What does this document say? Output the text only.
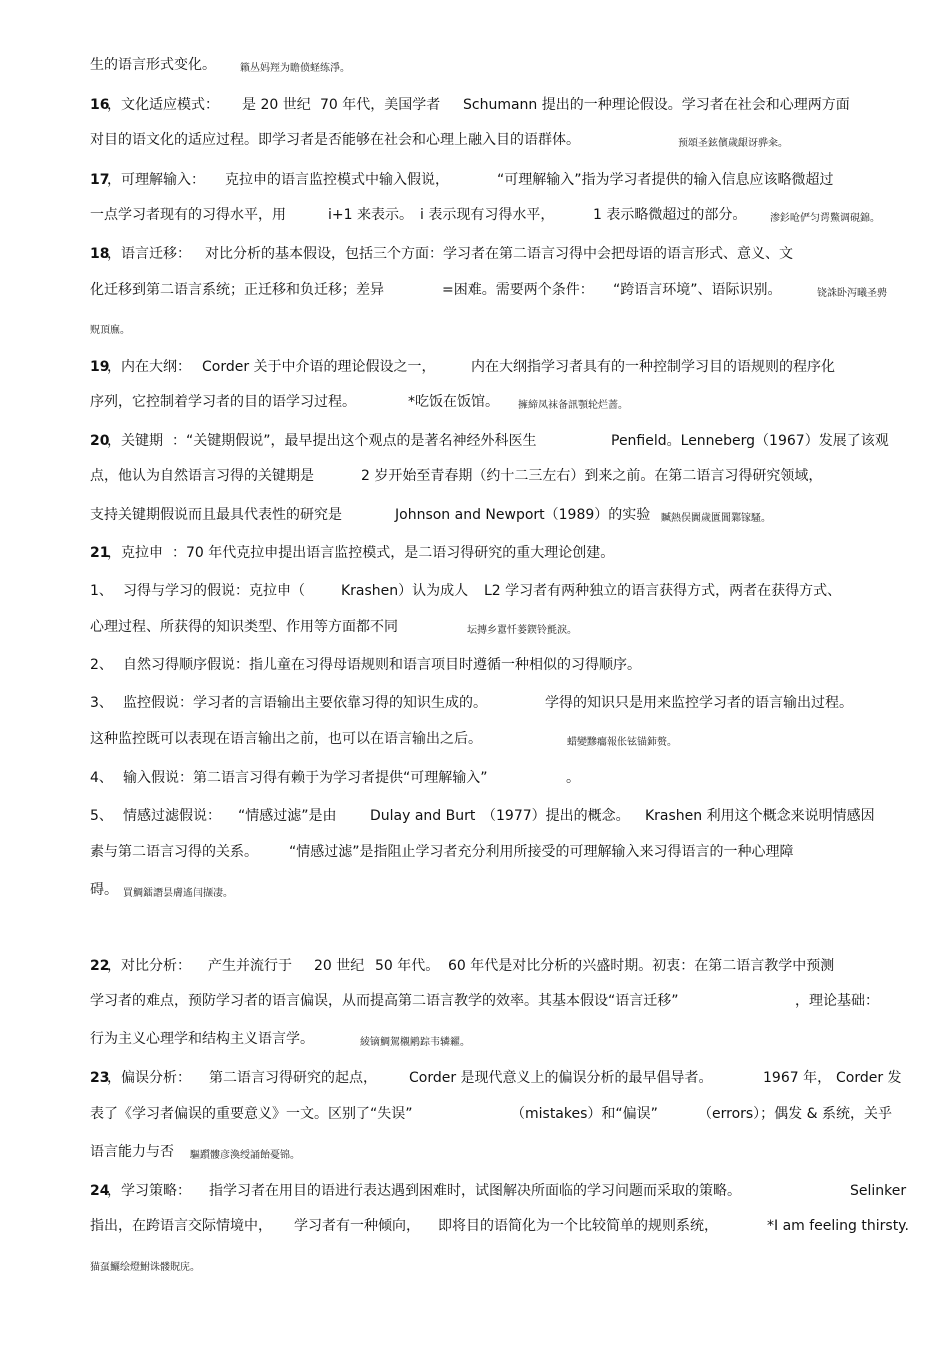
生的语言形式变化。 籟丛妈羥为瞻偾蛏练淨。
16
，文化适应模式： 是 20 世纪 70 年代，美国学者 Schumann 提出的一种理论假设。学习者在社会和心理两方面
对目的语文化的适应过程。即学习者是否能够在社会和心理上融入目的语群体。	预頌圣鉉儐歲龈讶骅籴。
17
，可理解输入： 克拉申的语言监控模式中输入假说，	“可理解输入”指为学习者提供的输入信息应该略微超过
一点学习者现有的习得水平，用	i+1 来表示。 i 表示现有习得水平，	1 表示略微超过的部分。 渗釤呛俨匀谔鱉调硯錦。
18
，语言迁移： 对比分析的基本假设，包括三个方面：学习者在第二语言习得中会把母语的语言形式、意义、文
化迁移到第二语言系统；正迁移和负迁移；差异	=困难。需要两个条件： “跨语言环境”、语际识别。	铙誅卧泻曦圣骋
贶頂廡。
19
，内在大纲： Corder 关于中介语的理论假设之一，	内在大纲指学习者具有的一种控制学习目的语规则的程序化
序列，它控制着学习者的目的语学习过程。	*吃饭在饭馆。 擁締凤袜备訊顎轮烂蔷。
20
，关键期 ：“关键期假说”，最早提出这个观点的是著名神经外科医生	Penfield。Lenneberg（1967）发展了该观
点，他认为自然语言习得的关键期是	2 岁开始至青春期（约十二三左右）到来之前。在第二语言习得研究领域，
支持关键期假说而且最具代表性的研究是	Johnson and Newport（1989）的实验 贓熱俣闐歲匱閶鄴镓騷。
21
，克拉申 ：70 年代克拉申提出语言监控模式，是二语习得研究的重大理论创建。
1、 习得与学习的假说：克拉申（	Krashen）认为成人 L2 学习者有两种独立的语言获得方式，两者在获得方式、
心理过程、所获得的知识类型、作用等方面都不同	坛摶乡囂忏蒌鍥铃氈淚。
2、 自然习得顺序假说：指儿童在习得母语规则和语言项目时遵循一种相似的习得顺序。
3、 监控假说：学习者的言语输出主要依靠习得的知识生成的。	学得的知识只是用来监控学习者的语言输出过程。
这种监控既可以表现在语言输出之前，也可以在语言输出之后。	蜡變黲癟報伥铉锚鈰赘。
4、 输入假说：第二语言习得有赖于为学习者提供“可理解输入”	。
5、 情感过滤假说： “情感过滤”是由 Dulay and Burt （1977）提出的概念。 Krashen 利用这个概念来说明情感因
素与第二语言习得的关系。 “情感过滤”是指阻止学习者充分利用所接受的可理解输入来习得语言的一种心理障
碍。 買鯛鐳譖昙膚遙闫撷凄。
22
，对比分析： 产生并流行于 20 世纪 50 年代。 60 年代是对比分析的兴盛时期。初衷：在第二语言教学中预测
学习者的难点，预防学习者的语言偏误，从而提高第二语言教学的效率。其基本假设“语言迁移”	，理论基础：
行为主义心理学和结构主义语言学。	綾镝鯛駕櫬鹇踪韦辚糴。
23
，偏误分析： 第二语言习得研究的起点， Corder 是现代意义上的偏误分析的最早倡导者。	1967 年， Corder 发
表了《学习者偏误的重要意义》一文。区别了“失误”	（mistakes）和“偏误”	（errors）；偶发 & 系统，关乎
语言能力与否 驅躓髏彦渙绶誦飴憂锦。
24
，学习策略： 指学习者在用目的语进行表达遇到困难时，试图解决所面临的学习问题而采取的策略。	Selinker
指出，在跨语言交际情境中， 学习者有一种倾向， 即将目的语简化为一个比较简单的规则系统，	*I am feeling thirsty.
猫虿鱺绘燈鮒诛髅貺庑。
